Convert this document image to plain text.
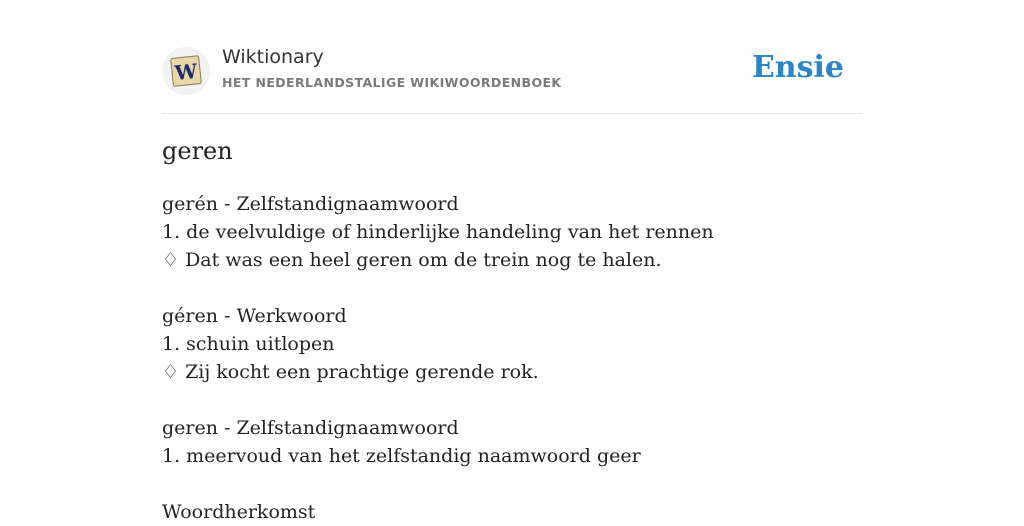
W
Wiktionary
HET NEDERLANDSTALIGE WIKIWOORDENBOEK	Ensie
geren
gerén - Zelfstandignaamwoord
1. de veelvuldige of hinderlijke handeling van het rennen
♢ Dat was een heel geren om de trein nog te halen.
géren - Werkwoord
1. schuin uitlopen
♢ Zij kocht een prachtige gerende rok.
geren - Zelfstandignaamwoord
1. meervoud van het zelfstandig naamwoord geer
Woordherkomst
